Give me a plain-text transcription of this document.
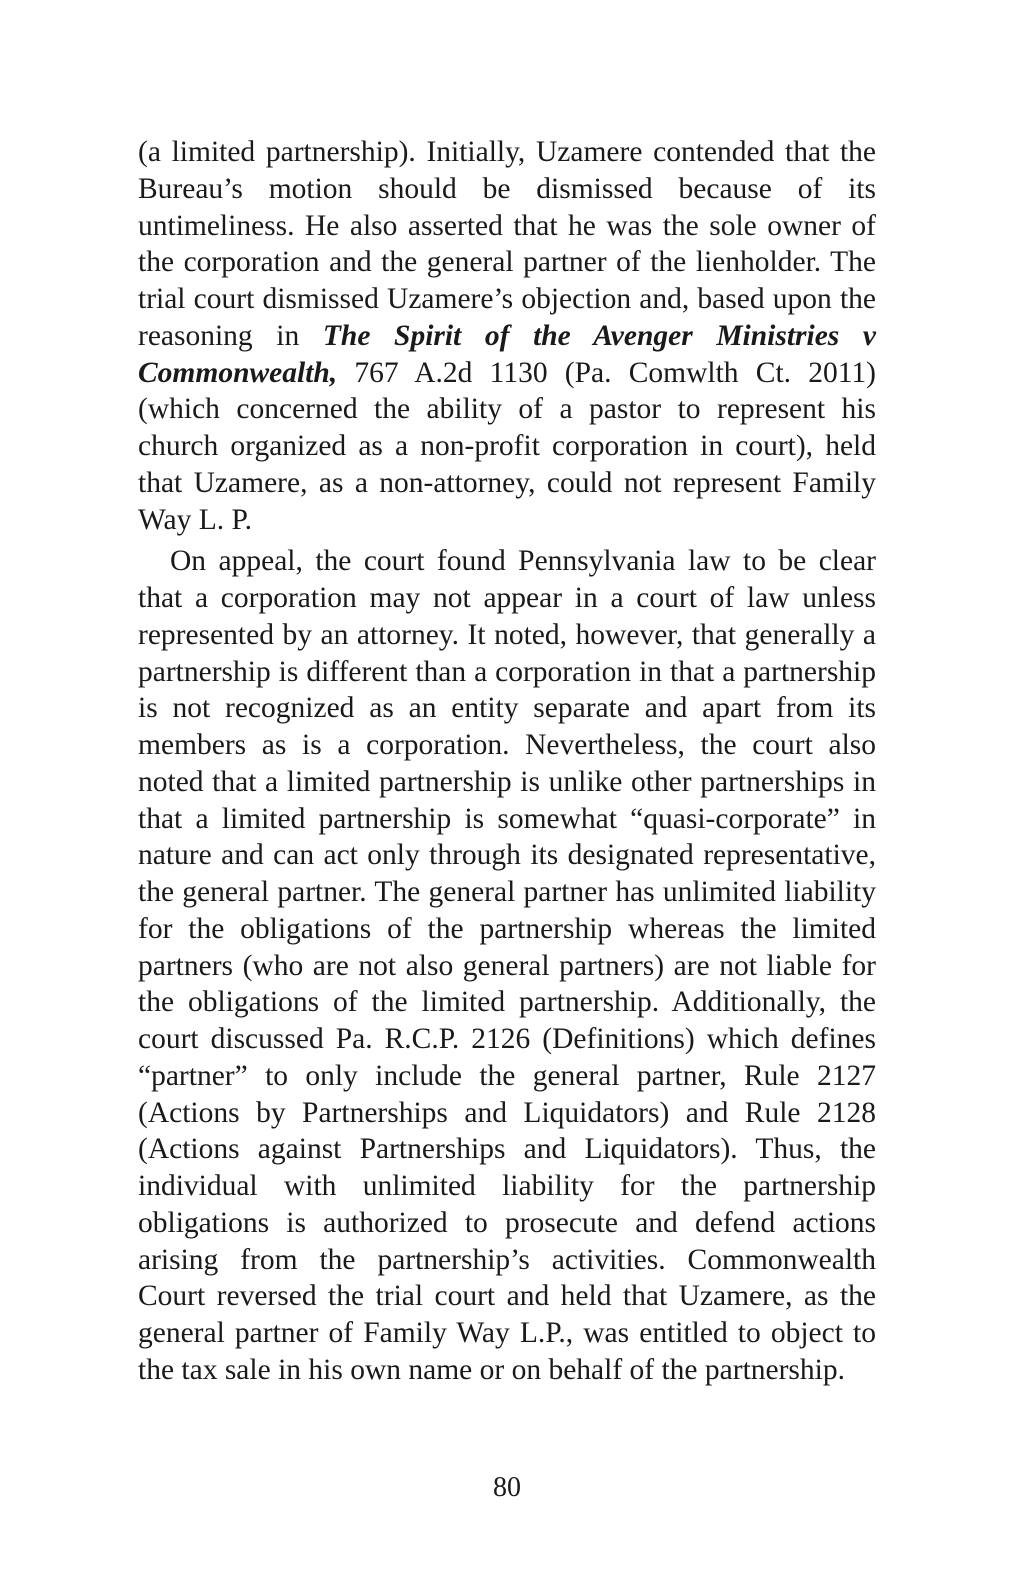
(a limited partnership). Initially, Uzamere contended that the Bureau’s motion should be dismissed because of its untimeliness. He also asserted that he was the sole owner of the corporation and the general partner of the lienholder. The trial court dismissed Uzamere’s objection and, based upon the reasoning in The Spirit of the Avenger Ministries v Commonwealth, 767 A.2d 1130 (Pa. Comwlth Ct. 2011) (which concerned the ability of a pastor to represent his church organized as a non-profit corporation in court), held that Uzamere, as a non-attorney, could not represent Family Way L. P.

On appeal, the court found Pennsylvania law to be clear that a corporation may not appear in a court of law unless represented by an attorney. It noted, however, that generally a partnership is different than a corporation in that a partnership is not recognized as an entity separate and apart from its members as is a corporation. Nevertheless, the court also noted that a limited partnership is unlike other partnerships in that a limited partnership is somewhat “quasi-corporate” in nature and can act only through its designated representative, the general partner. The general partner has unlimited liability for the obligations of the partnership whereas the limited partners (who are not also general partners) are not liable for the obligations of the limited partnership. Additionally, the court discussed Pa. R.C.P. 2126 (Definitions) which defines “partner” to only include the general partner, Rule 2127 (Actions by Partnerships and Liquidators) and Rule 2128 (Actions against Partnerships and Liquidators). Thus, the individual with unlimited liability for the partnership obligations is authorized to prosecute and defend actions arising from the partnership’s activities. Commonwealth Court reversed the trial court and held that Uzamere, as the general partner of Family Way L.P., was entitled to object to the tax sale in his own name or on behalf of the partnership.

80
